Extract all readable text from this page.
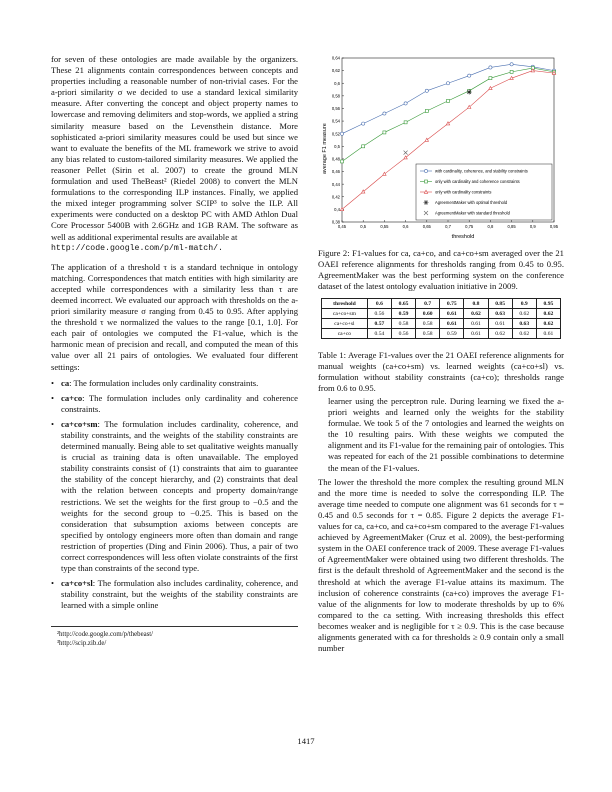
for seven of these ontologies are made available by the organizers. These 21 alignments contain correspondences between concepts and properties including a reasonable number of non-trivial cases. For the a-priori similarity σ we decided to use a standard lexical similarity measure. After converting the concept and object property names to lowercase and removing delimiters and stop-words, we applied a string similarity measure based on the Levensthein distance. More sophisticated a-priori similarity measures could be used but since we want to evaluate the benefits of the ML framework we strive to avoid any bias related to custom-tailored similarity measures. We applied the reasoner Pellet (Sirin et al. 2007) to create the ground MLN formulation and used TheBeast² (Riedel 2008) to convert the MLN formulations to the corresponding ILP instances. Finally, we applied the mixed integer programming solver SCIP³ to solve the ILP. All experiments were conducted on a desktop PC with AMD Athlon Dual Core Processor 5400B with 2.6GHz and 1GB RAM. The software as well as additional experimental results are available at

http://code.google.com/p/ml-match/.

The application of a threshold τ is a standard technique in ontology matching. Correspondences that match entities with high similarity are accepted while correspondences with a similarity less than τ are deemed incorrect. We evaluated our approach with thresholds on the a-priori similarity measure σ ranging from 0.45 to 0.95. After applying the threshold τ we normalized the values to the range [0.1, 1.0]. For each pair of ontologies we computed the F1-value, which is the harmonic mean of precision and recall, and computed the mean of this value over all 21 pairs of ontologies. We evaluated four different settings:

• ca: The formulation includes only cardinality constraints.
• ca+co: The formulation includes only cardinality and coherence constraints.
• ca+co+sm: The formulation includes cardinality, coherence, and stability constraints, and the weights of the stability constraints are determined manually. Being able to set qualitative weights manually is crucial as training data is often unavailable. The employed stability constraints consist of (1) constraints that aim to guarantee the stability of the concept hierarchy, and (2) constraints that deal with the relation between concepts and property domain/range restrictions. We set the weights for the first group to −0.5 and the weights for the second group to −0.25. This is based on the consideration that subsumption axioms between concepts are specified by ontology engineers more often than domain and range restriction of properties (Ding and Finin 2006). Thus, a pair of two correct correspondences will less often violate constraints of the first type than constraints of the second type.
• ca+co+sl: The formulation also includes cardinality, coherence, and stability constraint, but the weights of the stability constraints are learned with a simple online
²http://code.google.com/p/thebeast/
³http://scip.zib.de/
0,38
0,4
0,42
0,44
0,46
0,48
0,5
0,52
0,54
0,56
0,58
0,6
0,62
0,64
0,45	0,5	0,55	0,6	0,65	0,7	0,75	0,8	0,85	0,9	0,95
with cardinality, coherence, and stability constraints
only with cardinality and coherence constraints
only with cardinality constraints
AgreementMaker with optimal threshold
AgreementMaker with standard threshold
average F1 measure
threshold
Figure 2: F1-values for ca, ca+co, and ca+co+sm averaged over the 21 OAEI reference alignments for thresholds ranging from 0.45 to 0.95. AgreementMaker was the best performing system on the conference dataset of the latest ontology evaluation initiative in 2009.
threshold	0.6	0.65	0.7	0.75	0.8	0.85	0.9	0.95
ca+co+sm	0.56	0.59	0.60	0.61	0.62	0.63	0.62	0.62
ca+co+sl	0.57	0.58	0.58	0.61	0.61	0.61	0.63	0.62
ca+co	0.54	0.56	0.58	0.59	0.61	0.62	0.62	0.61
Table 1: Average F1-values over the 21 OAEI reference alignments for manual weights (ca+co+sm) vs. learned weights (ca+co+sl) vs. formulation without stability constraints (ca+co); thresholds range from 0.6 to 0.95.

learner using the perceptron rule. During learning we fixed the a-priori weights and learned only the weights for the stability formulae. We took 5 of the 7 ontologies and learned the weights on the 10 resulting pairs. With these weights we computed the alignment and its F1-value for the remaining pair of ontologies. This was repeated for each of the 21 possible combinations to determine the mean of the F1-values.

The lower the threshold the more complex the resulting ground MLN and the more time is needed to solve the corresponding ILP. The average time needed to compute one alignment was 61 seconds for τ = 0.45 and 0.5 seconds for τ = 0.85. Figure 2 depicts the average F1-values for ca, ca+co, and ca+co+sm compared to the average F1-values achieved by AgreementMaker (Cruz et al. 2009), the best-performing system in the OAEI conference track of 2009. These average F1-values of AgreementMaker were obtained using two different thresholds. The first is the default threshold of AgreementMaker and the second is the threshold at which the average F1-value attains its maximum. The inclusion of coherence constraints (ca+co) improves the average F1-value of the alignments for low to moderate thresholds by up to 6% compared to the ca setting. With increasing thresholds this effect becomes weaker and is negligible for τ ≥ 0.9. This is the case because alignments generated with ca for thresholds ≥ 0.9 contain only a small number

1417
